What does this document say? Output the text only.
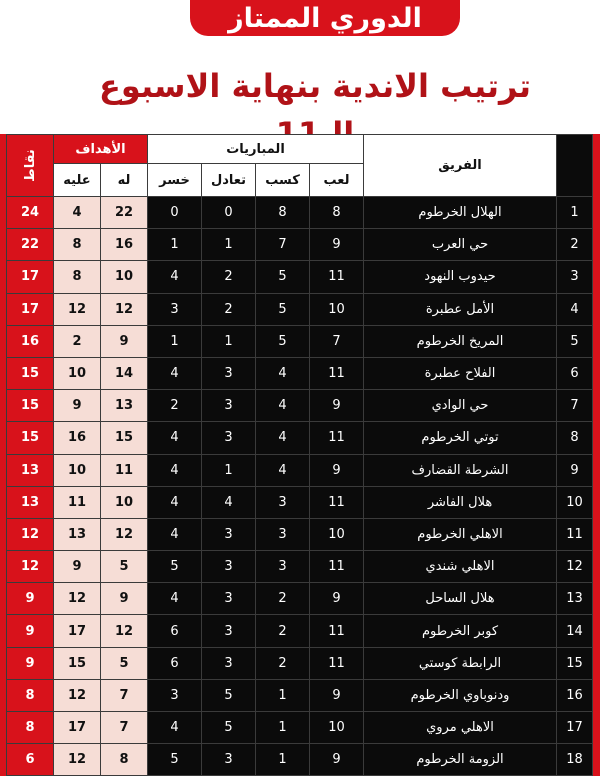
الدوري الممتاز
ترتيب الاندية بنهاية الاسبوع
نقاط	الأهداف		المباريات				الفريق	
	عليه	له	خسر	تعادل	كسب	لعب		
24	4	22	0	0	8	8	الهلال الخرطوم	1
22	8	16	1	1	7	9	حي العرب	2
17	8	10	4	2	5	11	حيدوب النهود	3
17	12	12	3	2	5	10	الأمل عطبرة	4
16	2	9	1	1	5	7	المريخ الخرطوم	5
15	10	14	4	3	4	11	الفلاح عطبرة	6
15	9	13	2	3	4	9	حي الوادي	7
15	16	15	4	3	4	11	توتي الخرطوم	8
13	10	11	4	1	4	9	الشرطة القضارف	9
13	11	10	4	4	3	11	هلال الفاشر	10
12	13	12	4	3	3	10	الاهلي الخرطوم	11
12	9	5	5	3	3	11	الاهلي شندي	12
9	12	9	4	3	2	9	هلال الساحل	13
9	17	12	6	3	2	11	كوبر الخرطوم	14
9	15	5	6	3	2	11	الرابطة كوستي	15
8	12	7	3	5	1	9	ودنوباوي الخرطوم	16
8	17	7	4	5	1	10	الاهلي مروي	17
6	12	8	5	3	1	9	الزومة الخرطوم	18
